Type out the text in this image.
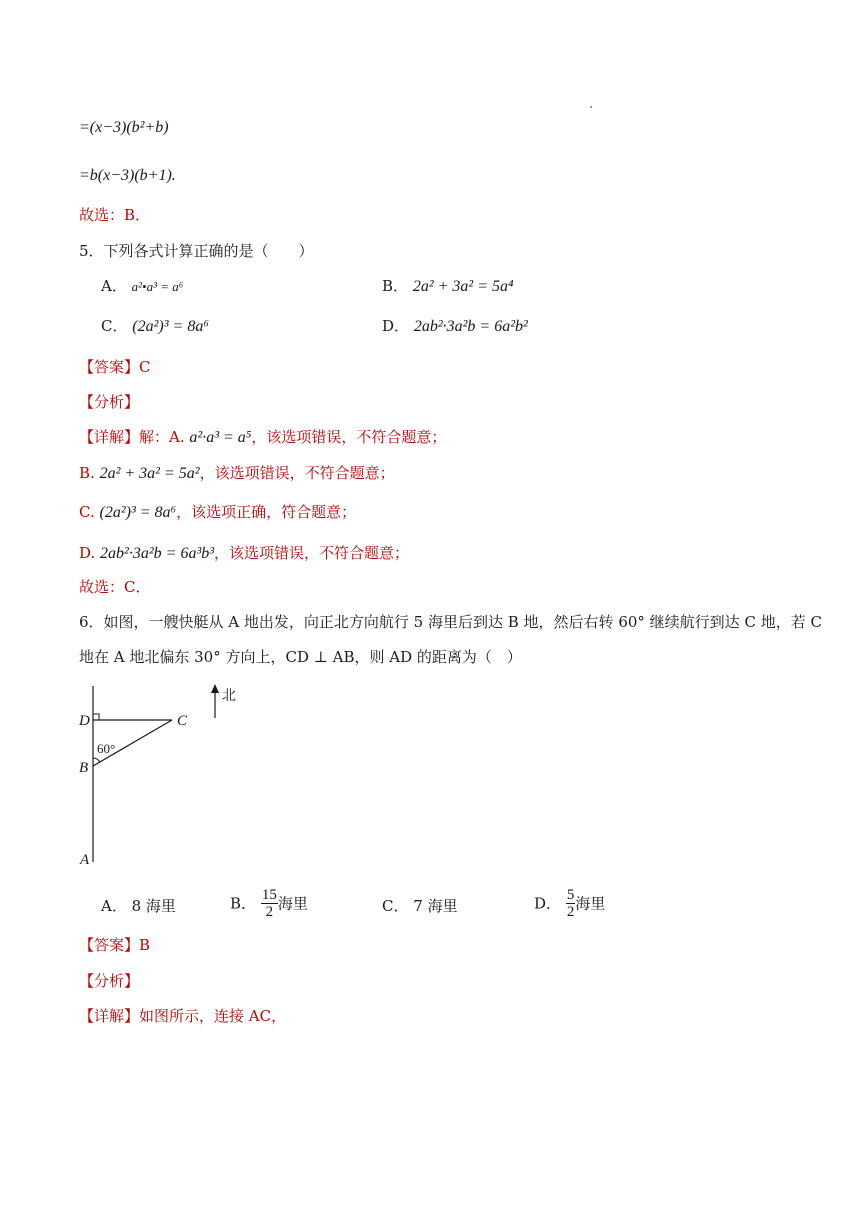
=(x−3)(b²+b)
=b(x−3)(b+1).
故选：B．
5．下列各式计算正确的是（　　）
A． a²•a³ = a⁶	B． 2a² + 3a² = 5a⁴
C． (2a²)³ = 8a⁶	D． 2ab²·3a²b = 6a²b²
【答案】C
【分析】
【详解】解：A. a²·a³ = a⁵，该选项错误，不符合题意；
B. 2a² + 3a² = 5a²，该选项错误，不符合题意；
C. (2a²)³ = 8a⁶，该选项正确，符合题意；
D. 2ab²·3a²b = 6a³b³，该选项错误，不符合题意；
故选：C．
6．如图，一艘快艇从 A 地出发，向正北方向航行 5 海里后到达 B 地，然后右转 60° 继续航行到达 C 地，若 C
地在 A 地北偏东 30° 方向上，CD ⊥ AB，则 AD 的距离为（　）
北
D	C
B
A
60°
A． 8 海里	B． $\frac{15}{2}$ 海里	C． 7 海里	D． $\frac{5}{2}$ 海里
【答案】B
【分析】
【详解】如图所示，连接 AC，
